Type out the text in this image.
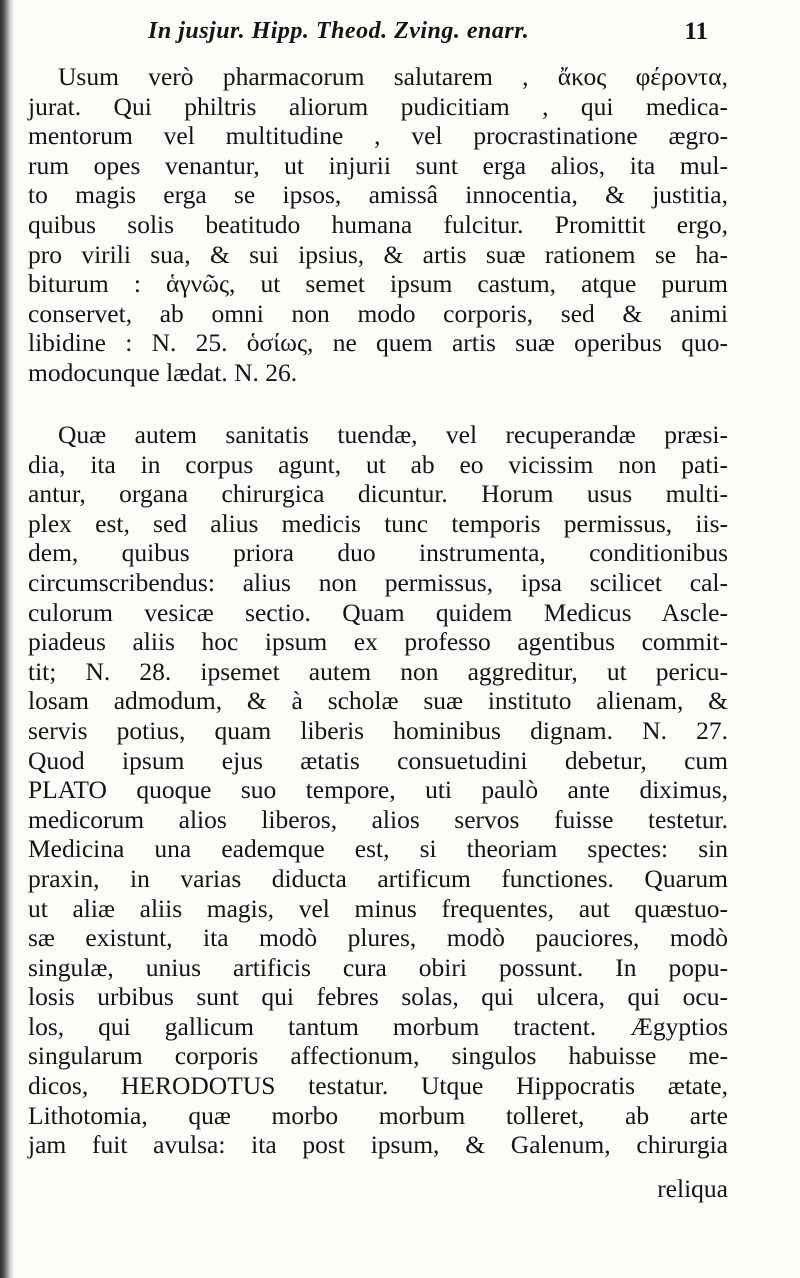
In jusjur. Hipp. Theod. Zving. enarr.	11
Usum verò pharmacorum salutarem , ἄκος φέροντα,
jurat. Qui philtris aliorum pudicitiam , qui medica-
mentorum vel multitudine , vel procrastinatione ægro-
rum opes venantur, ut injurii sunt erga alios, ita mul-
to magis erga se ipsos, amissâ innocentia, & justitia,
quibus solis beatitudo humana fulcitur. Promittit ergo,
pro virili sua, & sui ipsius, & artis suæ rationem se ha-
biturum : ἁγνῶς, ut semet ipsum castum, atque purum
conservet, ab omni non modo corporis, sed & animi
libidine : N. 25. ὁσίως, ne quem artis suæ operibus quo-
modocunque lædat. N. 26.
Quæ autem sanitatis tuendæ, vel recuperandæ præsi-
dia, ita in corpus agunt, ut ab eo vicissim non pati-
antur, organa chirurgica dicuntur. Horum usus multi-
plex est, sed alius medicis tunc temporis permissus, iis-
dem, quibus priora duo instrumenta, conditionibus
circumscribendus: alius non permissus, ipsa scilicet cal-
culorum vesicæ sectio. Quam quidem Medicus Ascle-
piadeus aliis hoc ipsum ex professo agentibus commit-
tit; N. 28. ipsemet autem non aggreditur, ut pericu-
losam admodum, & à scholæ suæ instituto alienam, &
servis potius, quam liberis hominibus dignam. N. 27.
Quod ipsum ejus ætatis consuetudini debetur, cum
PLATO quoque suo tempore, uti paulò ante diximus,
medicorum alios liberos, alios servos fuisse testetur.
Medicina una eademque est, si theoriam spectes: sin
praxin, in varias diducta artificum functiones. Quarum
ut aliæ aliis magis, vel minus frequentes, aut quæstuo-
sæ existunt, ita modò plures, modò pauciores, modò
singulæ, unius artificis cura obiri possunt. In popu-
losis urbibus sunt qui febres solas, qui ulcera, qui ocu-
los, qui gallicum tantum morbum tractent. Ægyptios
singularum corporis affectionum, singulos habuisse me-
dicos, HERODOTUS testatur. Utque Hippocratis ætate,
Lithotomia, quæ morbo morbum tolleret, ab arte
jam fuit avulsa: ita post ipsum, & Galenum, chirurgia
reliqua
